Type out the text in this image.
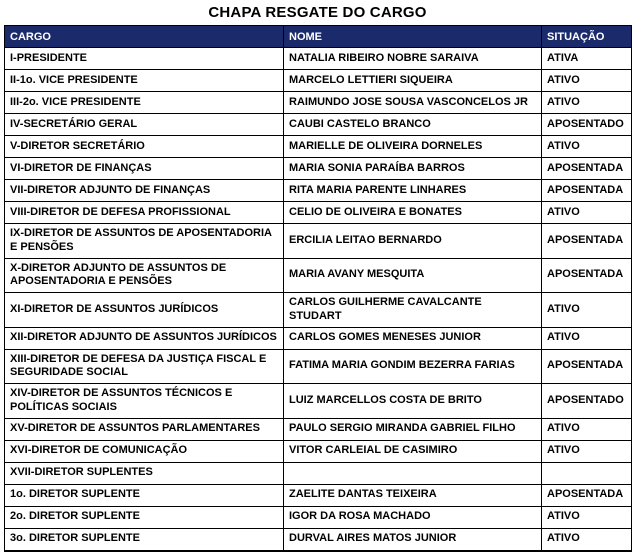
CHAPA RESGATE DO CARGO
CARGO	NOME	SITUAÇÃO
I-PRESIDENTE	NATALIA RIBEIRO NOBRE SARAIVA	ATIVA
II-1o. VICE PRESIDENTE	MARCELO LETTIERI SIQUEIRA	ATIVO
III-2o. VICE PRESIDENTE	RAIMUNDO JOSE SOUSA VASCONCELOS JR	ATIVO
IV-SECRETÁRIO GERAL	CAUBI CASTELO BRANCO	APOSENTADO
V-DIRETOR SECRETÁRIO	MARIELLE DE OLIVEIRA DORNELES	ATIVO
VI-DIRETOR DE FINANÇAS	MARIA SONIA PARAÍBA BARROS	APOSENTADA
VII-DIRETOR ADJUNTO DE FINANÇAS	RITA MARIA PARENTE LINHARES	APOSENTADA
VIII-DIRETOR DE DEFESA PROFISSIONAL	CELIO DE OLIVEIRA E BONATES	ATIVO
IX-DIRETOR DE ASSUNTOS DE APOSENTADORIA E PENSÕES	ERCILIA LEITAO BERNARDO	APOSENTADA
X-DIRETOR ADJUNTO DE ASSUNTOS DE APOSENTADORIA E PENSÕES	MARIA AVANY MESQUITA	APOSENTADA
XI-DIRETOR DE ASSUNTOS JURÍDICOS	CARLOS GUILHERME CAVALCANTE STUDART	ATIVO
XII-DIRETOR ADJUNTO DE ASSUNTOS JURÍDICOS	CARLOS GOMES MENESES JUNIOR	ATIVO
XIII-DIRETOR DE DEFESA DA JUSTIÇA FISCAL E SEGURIDADE SOCIAL	FATIMA MARIA GONDIM BEZERRA FARIAS	APOSENTADA
XIV-DIRETOR DE ASSUNTOS TÉCNICOS E POLÍTICAS SOCIAIS	LUIZ MARCELLOS COSTA DE BRITO	APOSENTADO
XV-DIRETOR DE ASSUNTOS PARLAMENTARES	PAULO SERGIO MIRANDA GABRIEL FILHO	ATIVO
XVI-DIRETOR DE COMUNICAÇÃO	VITOR CARLEIAL DE CASIMIRO	ATIVO
XVII-DIRETOR SUPLENTES		
1o. DIRETOR SUPLENTE	ZAELITE DANTAS TEIXEIRA	APOSENTADA
2o. DIRETOR SUPLENTE	IGOR DA ROSA MACHADO	ATIVO
3o. DIRETOR SUPLENTE	DURVAL AIRES MATOS JUNIOR	ATIVO
